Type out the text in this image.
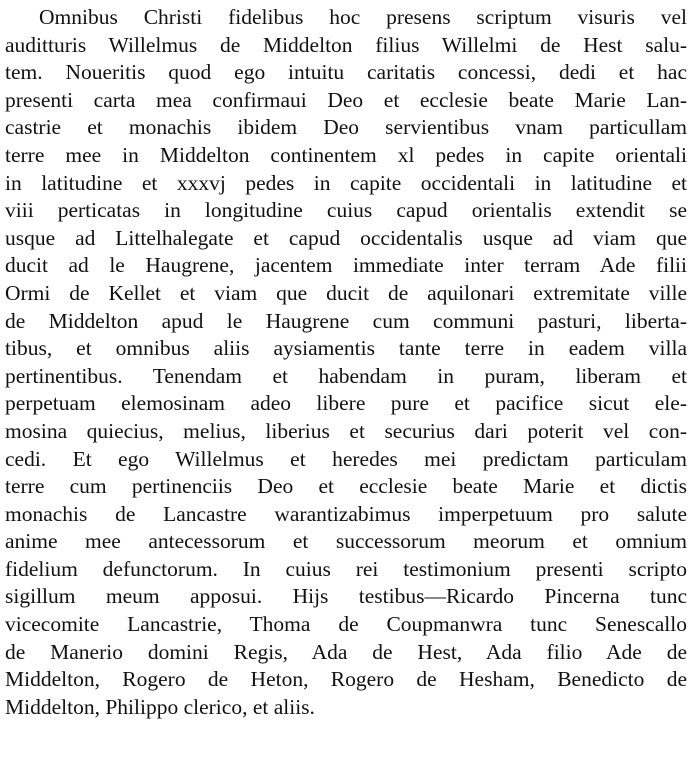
Omnibus Christi fidelibus hoc presens scriptum visuris vel
auditturis Willelmus de Middelton filius Willelmi de Hest salu-
tem. Noueritis quod ego intuitu caritatis concessi, dedi et hac
presenti carta mea confirmaui Deo et ecclesie beate Marie Lan-
castrie et monachis ibidem Deo servientibus vnam particullam
terre mee in Middelton continentem xl pedes in capite orientali
in latitudine et xxxvj pedes in capite occidentali in latitudine et
viii perticatas in longitudine cuius capud orientalis extendit se
usque ad Littelhalegate et capud occidentalis usque ad viam que
ducit ad le Haugrene, jacentem immediate inter terram Ade filii
Ormi de Kellet et viam que ducit de aquilonari extremitate ville
de Middelton apud le Haugrene cum communi pasturi, liberta-
tibus, et omnibus aliis aysiamentis tante terre in eadem villa
pertinentibus. Tenendam et habendam in puram, liberam et
perpetuam elemosinam adeo libere pure et pacifice sicut ele-
mosina quiecius, melius, liberius et securius dari poterit vel con-
cedi. Et ego Willelmus et heredes mei predictam particulam
terre cum pertinenciis Deo et ecclesie beate Marie et dictis
monachis de Lancastre warantizabimus imperpetuum pro salute
anime mee antecessorum et successorum meorum et omnium
fidelium defunctorum. In cuius rei testimonium presenti scripto
sigillum meum apposui. Hijs testibus—Ricardo Pincerna tunc
vicecomite Lancastrie, Thoma de Coupmanwra tunc Senescallo
de Manerio domini Regis, Ada de Hest, Ada filio Ade de
Middelton, Rogero de Heton, Rogero de Hesham, Benedicto de
Middelton, Philippo clerico, et aliis.
